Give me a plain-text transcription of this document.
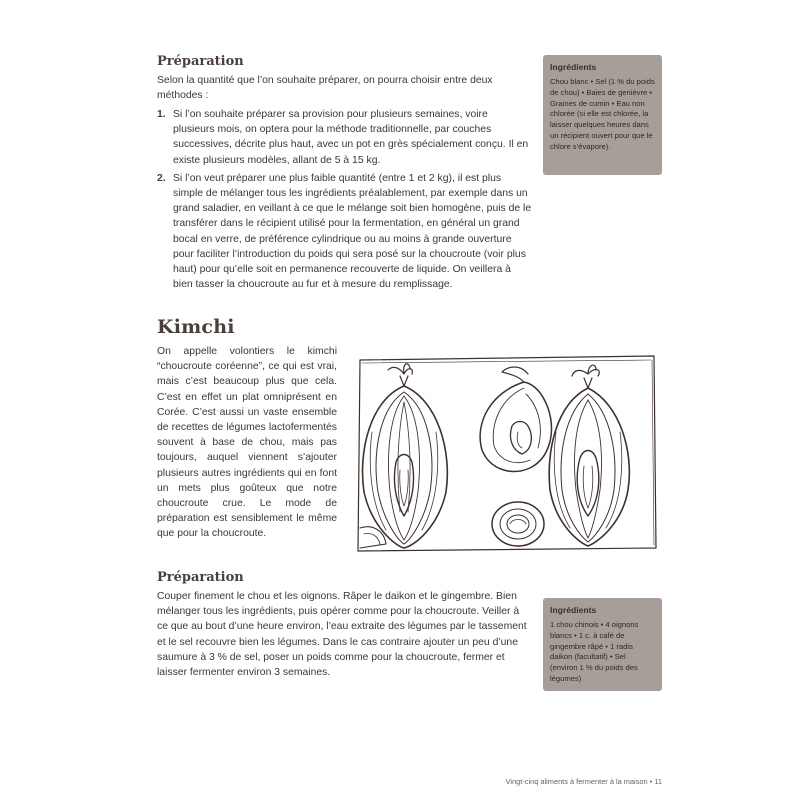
Préparation

Selon la quantité que l’on souhaite préparer, on pourra choisir entre deux méthodes :

1. Si l’on souhaite préparer sa provision pour plusieurs semaines, voire plusieurs mois, on optera pour la méthode traditionnelle, par couches successives, décrite plus haut, avec un pot en grès spécialement conçu. Il en existe plusieurs modèles, allant de 5 à 15 kg.
2. Si l’on veut préparer une plus faible quantité (entre 1 et 2 kg), il est plus simple de mélanger tous les ingrédients préalablement, par exemple dans un grand saladier, en veillant à ce que le mélange soit bien homogène, puis de le transférer dans le récipient utilisé pour la fermentation, en général un grand bocal en verre, de préférence cylindrique ou au moins à grande ouverture pour faciliter l’introduction du poids qui sera posé sur la choucroute (voir plus haut) pour qu’elle soit en permanence recouverte de liquide. On veillera à bien tasser la choucroute au fur et à mesure du remplissage.

Ingrédients

Chou blanc • Sel (1 % du poids de chou) • Baies de genièvre • Graines de cumin • Eau non chlorée (si elle est chlorée, la laisser quelques heures dans un récipient ouvert pour que le chlore s’évapore).

Kimchi

On appelle volontiers le kimchi “choucroute coréenne”, ce qui est vrai, mais c’est beaucoup plus que cela. C’est en effet un plat omniprésent en Corée. C’est aussi un vaste ensemble de recettes de légumes lactofermentés souvent à base de chou, mais pas toujours, auquel viennent s’ajouter plusieurs autres ingrédients qui en font un mets plus goûteux que notre choucroute crue. Le mode de préparation est sensiblement le même que pour la choucroute.

Préparation

Couper finement le chou et les oignons. Râper le daikon et le gingembre. Bien mélanger tous les ingrédients, puis opérer comme pour la choucroute. Veiller à ce que au bout d’une heure environ, l’eau extraite des légumes par le tassement et le sel recouvre bien les légumes. Dans le cas contraire ajouter un peu d’une saumure à 3 % de sel, poser un poids comme pour la choucroute, fermer et laisser fermenter environ 3 semaines.

Ingrédients

1 chou chinois • 4 oignons blancs • 1 c. à café de gingembre râpé • 1 radis daikon (facultatif) • Sel (environ 1 % du poids des légumes)

Vingt-cinq aliments à fermenter à la maison • 11
